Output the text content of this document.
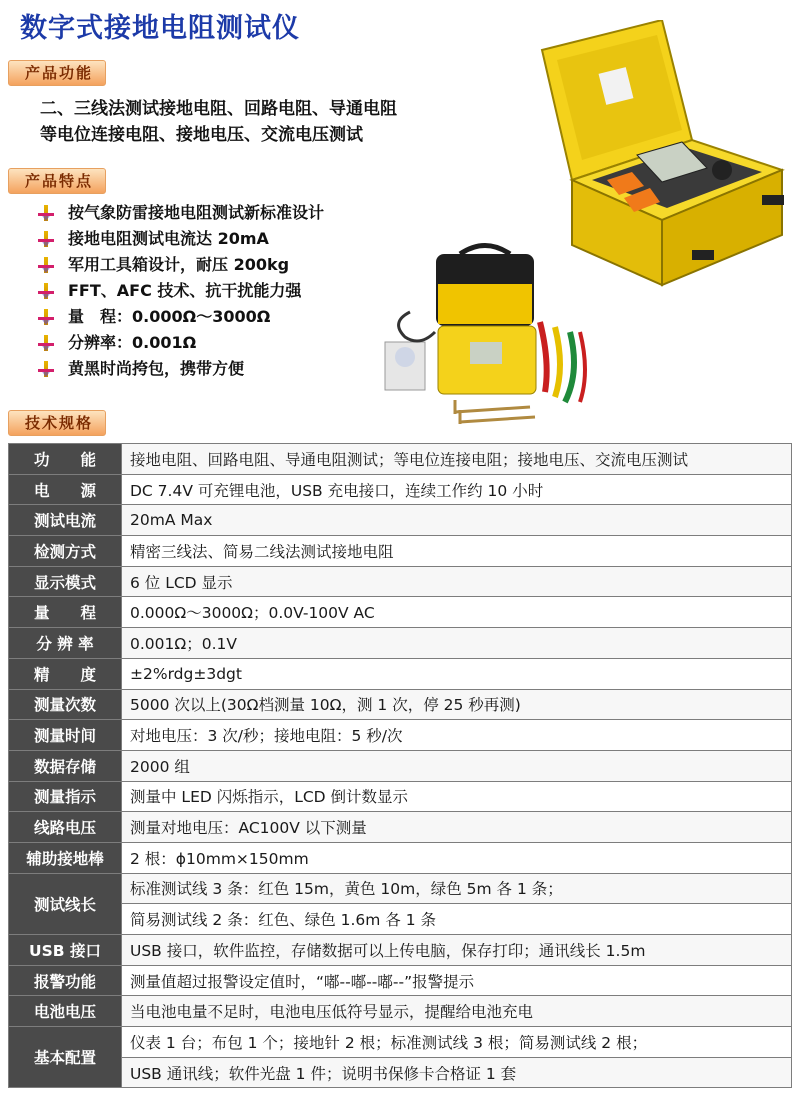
数字式接地电阻测试仪
产品功能
二、三线法测试接地电阻、回路电阻、导通电阻
等电位连接电阻、接地电压、交流电压测试
产品特点
按气象防雷接地电阻测试新标准设计
接地电阻测试电流达 20mA
军用工具箱设计，耐压 200kg
FFT、AFC 技术、抗干扰能力强
量　程：0.000Ω～3000Ω
分辨率：0.001Ω
黄黑时尚挎包，携带方便
技术规格
功　　能	接地电阻、回路电阻、导通电阻测试；等电位连接电阻；接地电压、交流电压测试
电　　源	DC 7.4V 可充锂电池，USB 充电接口，连续工作约 10 小时
测试电流	20mA Max
检测方式	精密三线法、简易二线法测试接地电阻
显示模式	6 位 LCD 显示
量　　程	0.000Ω～3000Ω；0.0V-100V AC
分 辨 率	0.001Ω；0.1V
精　　度	±2%rdg±3dgt
测量次数	5000 次以上(30Ω档测量 10Ω，测 1 次，停 25 秒再测)
测量时间	对地电压：3 次/秒；接地电阻：5 秒/次
数据存储	2000 组
测量指示	测量中 LED 闪烁指示，LCD 倒计数显示
线路电压	测量对地电压：AC100V 以下测量
辅助接地棒	2 根：ϕ10mm×150mm
测试线长	标准测试线 3 条：红色 15m，黄色 10m，绿色 5m 各 1 条；
	简易测试线 2 条：红色、绿色 1.6m 各 1 条
USB 接口	USB 接口，软件监控，存储数据可以上传电脑，保存打印；通讯线长 1.5m
报警功能	测量值超过报警设定值时，“嘟--嘟--嘟--”报警提示
电池电压	当电池电量不足时，电池电压低符号显示，提醒给电池充电
基本配置	仪表 1 台；布包 1 个；接地针 2 根；标准测试线 3 根；简易测试线 2 根；
	USB 通讯线；软件光盘 1 件；说明书保修卡合格证 1 套
